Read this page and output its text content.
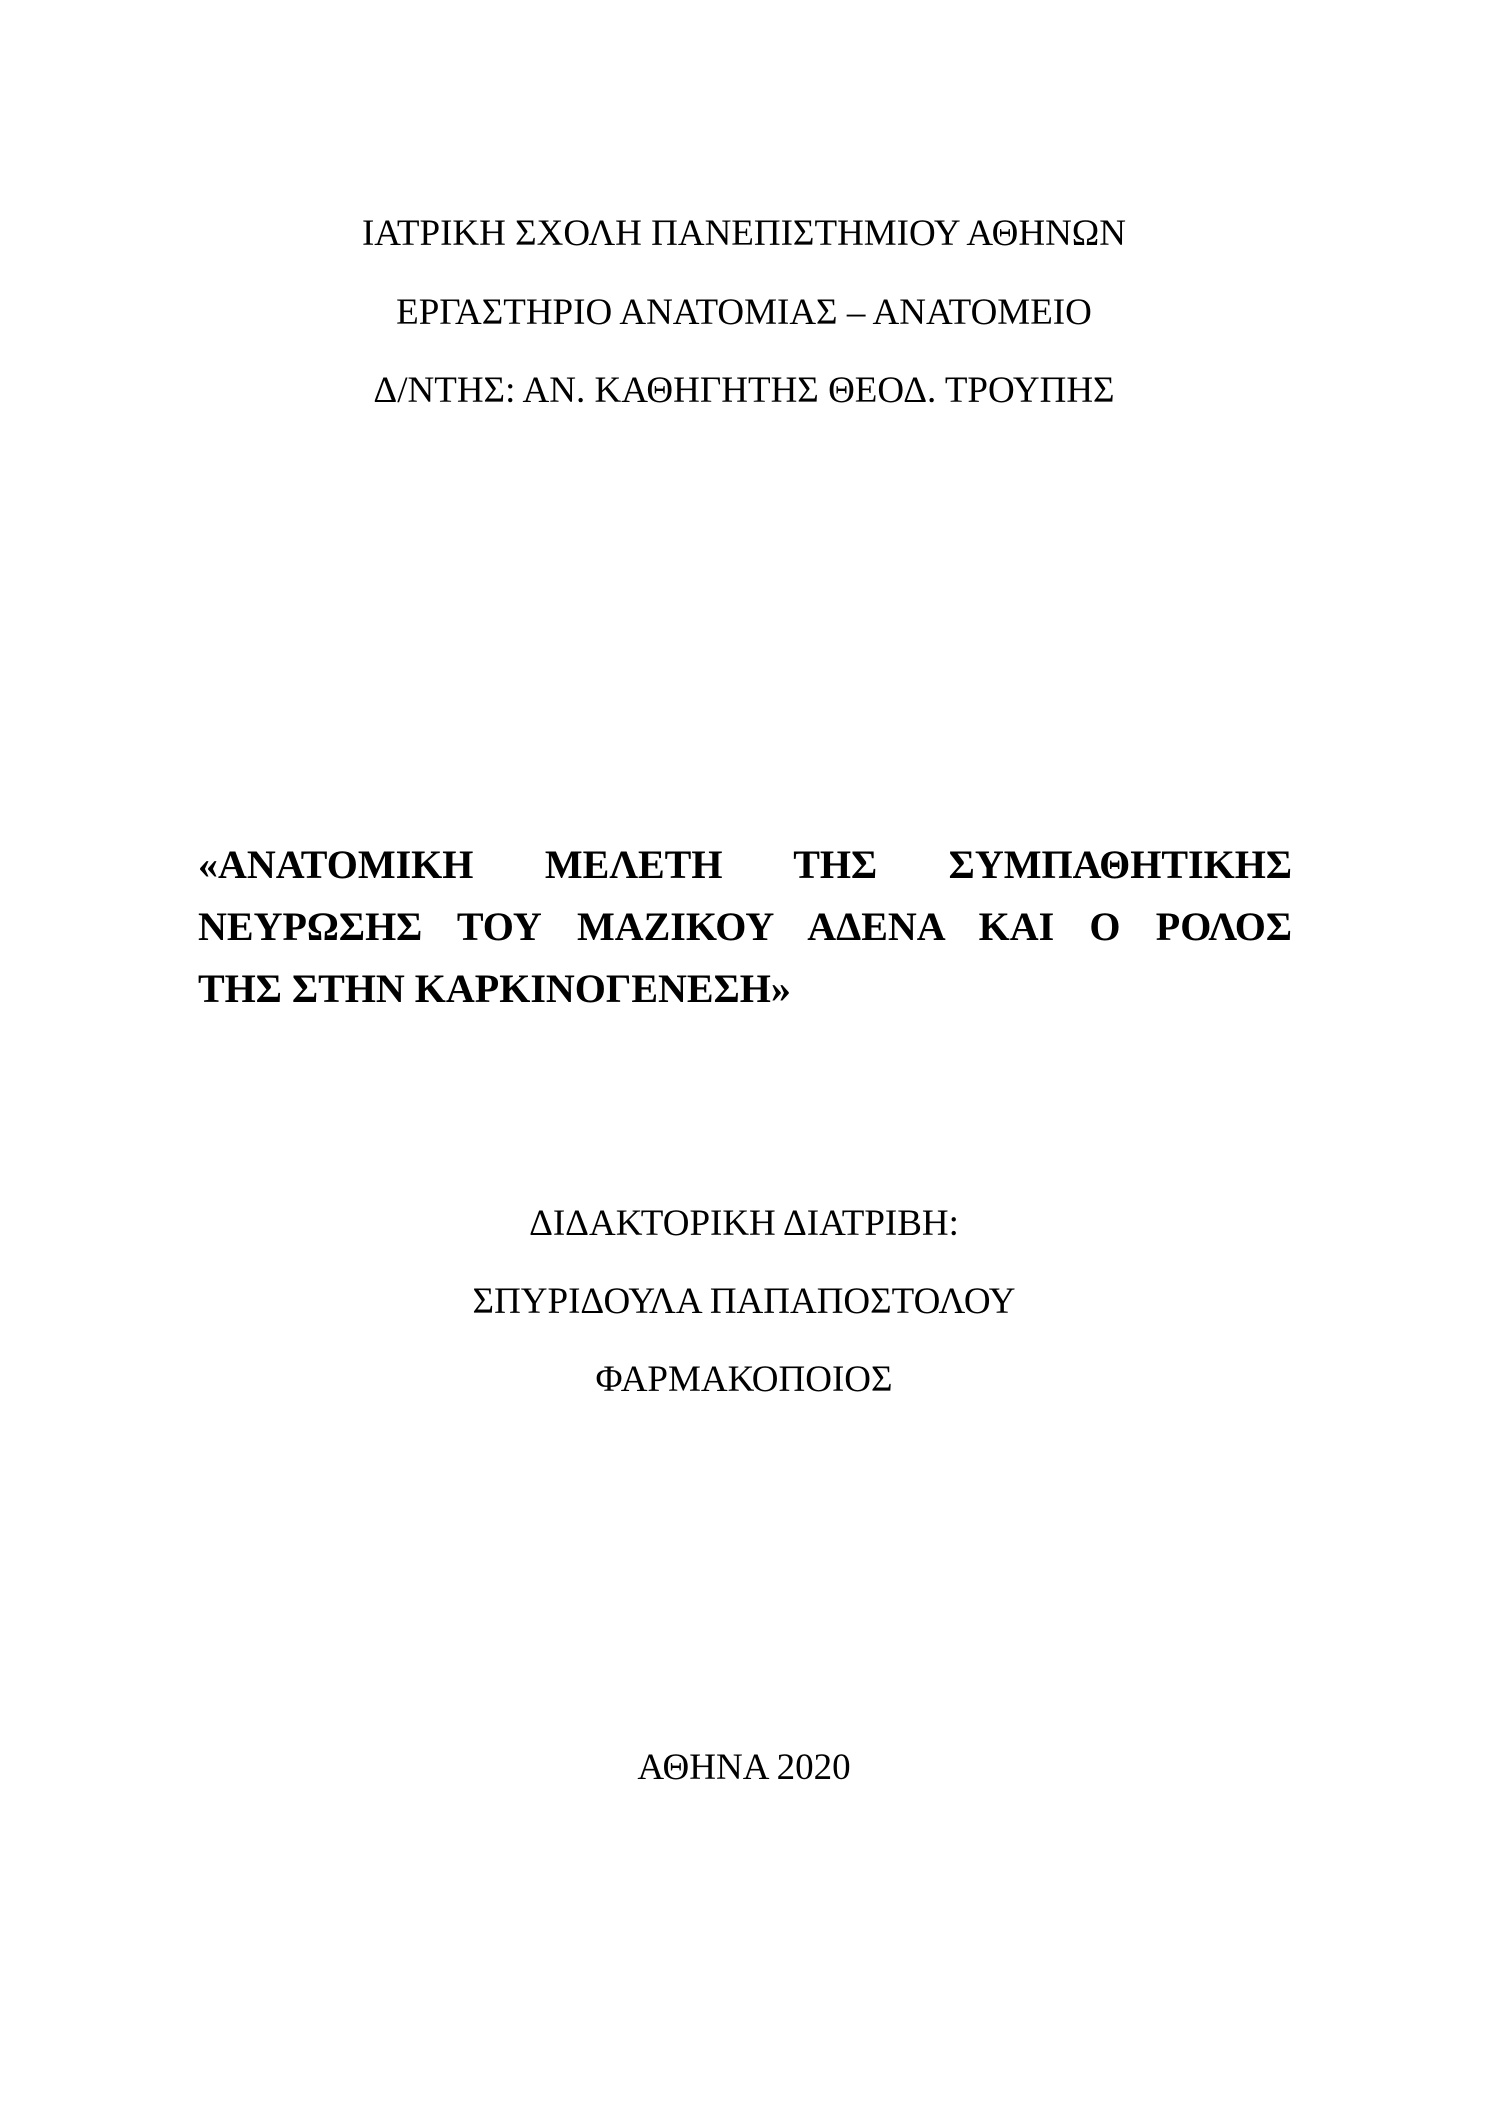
ΙΑΤΡΙΚΗ ΣΧΟΛΗ ΠΑΝΕΠΙΣΤΗΜΙΟΥ ΑΘΗΝΩΝ
ΕΡΓΑΣΤΗΡΙΟ ΑΝΑΤΟΜΙΑΣ – ΑΝΑΤΟΜΕΙΟ
Δ/ΝΤΗΣ: ΑΝ. ΚΑΘΗΓΗΤΗΣ ΘΕΟΔ. ΤΡΟΥΠΗΣ
«ΑΝΑΤΟΜΙΚΗ ΜΕΛΕΤΗ ΤΗΣ ΣΥΜΠΑΘΗΤΙΚΗΣ
ΝΕΥΡΩΣΗΣ ΤΟΥ ΜΑΖΙΚΟΥ ΑΔΕΝΑ ΚΑΙ Ο ΡΟΛΟΣ
ΤΗΣ ΣΤΗΝ ΚΑΡΚΙΝΟΓΕΝΕΣΗ»
ΔΙΔΑΚΤΟΡΙΚΗ ΔΙΑΤΡΙΒΗ:
ΣΠΥΡΙΔΟΥΛΑ ΠΑΠΑΠΟΣΤΟΛΟΥ
ΦΑΡΜΑΚΟΠΟΙΟΣ
ΑΘΗΝΑ 2020
